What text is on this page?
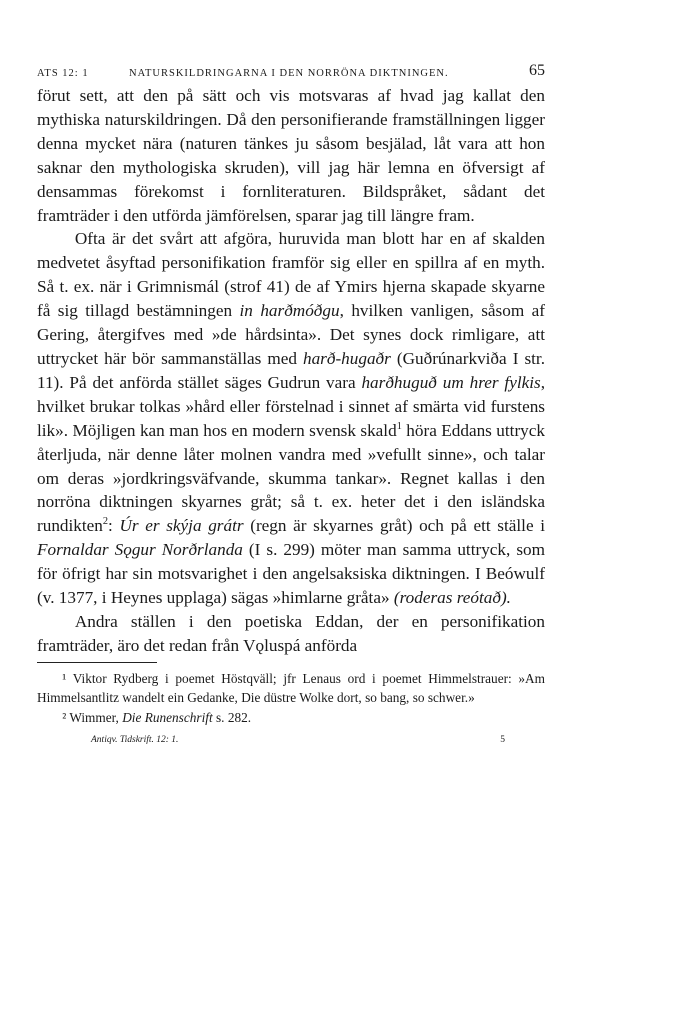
ATS 12: 1	NATURSKILDRINGARNA I DEN NORRÖNA DIKTNINGEN.	65

förut sett, att den på sätt och vis motsvaras af hvad jag kallat den mythiska naturskildringen. Då den personifierande framställningen ligger denna mycket nära (naturen tänkes ju såsom besjälad, låt vara att hon saknar den mythologiska skruden), vill jag här lemna en öfversigt af densammas förekomst i fornliteraturen. Bildspråket, sådant det framträder i den utförda jämförelsen, sparar jag till längre fram.

Ofta är det svårt att afgöra, huruvida man blott har en af skalden medvetet åsyftad personifikation framför sig eller en spillra af en myth. Så t. ex. när i Grimnismál (strof 41) de af Ymirs hjerna skapade skyarne få sig tillagd bestämningen in harðmóðgu, hvilken vanligen, såsom af Gering, återgifves med »de hårdsinta». Det synes dock rimligare, att uttrycket här bör sammanställas med harð-hugaðr (Guðrúnarkviða I str. 11). På det anförda stället säges Gudrun vara harðhuguð um hrer fylkis, hvilket brukar tolkas »hård eller förstelnad i sinnet af smärta vid furstens lik». Möjligen kan man hos en modern svensk skald$^1$ höra Eddans uttryck återljuda, när denne låter molnen vandra med »vefullt sinne», och talar om deras »jordkringsväfvande, skumma tankar». Regnet kallas i den norröna diktningen skyarnes gråt; så t. ex. heter det i den isländska rundikten$^2$: Úr er skýja grátr (regn är skyarnes gråt) och på ett ställe i Fornaldar Sǫgur Norðrlanda (I s. 299) möter man samma uttryck, som för öfrigt har sin motsvarighet i den angelsaksiska diktningen. I Beówulf (v. 1377, i Heynes upplaga) sägas »himlarne gråta» (roderas reótað).

Andra ställen i den poetiska Eddan, der en personifikation framträder, äro det redan från Vǫluspá anförda

¹ Viktor Rydberg i poemet Höstqväll; jfr Lenaus ord i poemet Himmelstrauer: »Am Himmelsantlitz wandelt ein Gedanke, Die düstre Wolke dort, so bang, so schwer.»

² Wimmer, Die Runenschrift s. 282.

Antiqv. Tidskrift. 12: 1.	5
